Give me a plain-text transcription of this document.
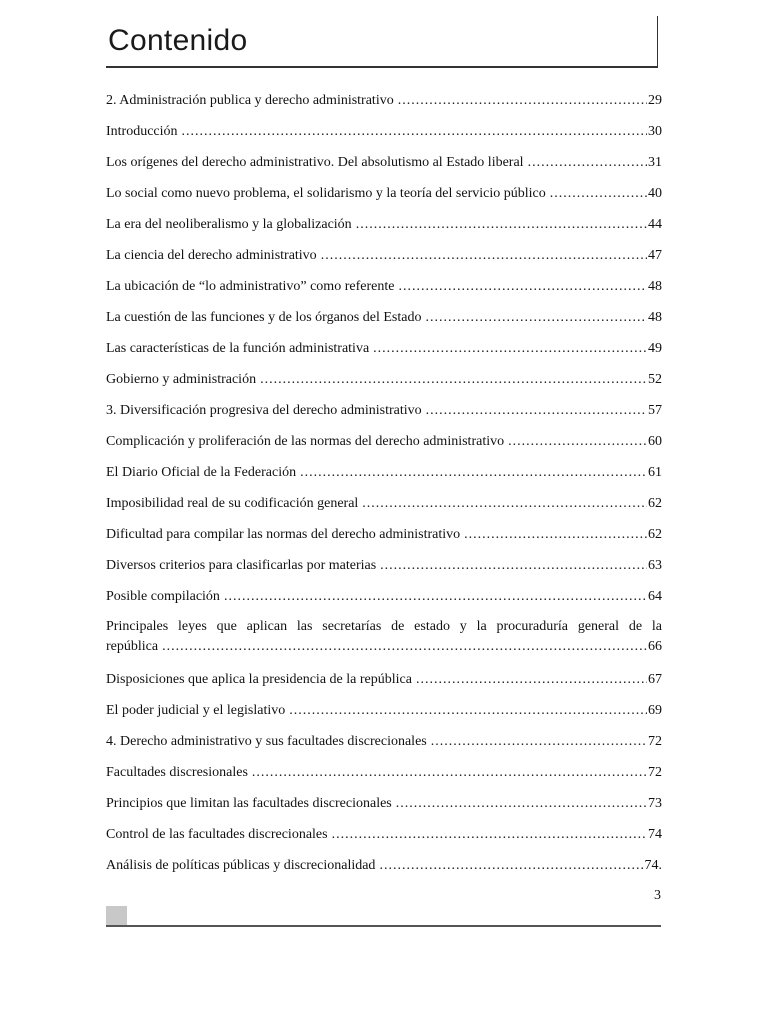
Contenido
2. Administración publica y derecho administrativo .....	29
Introducción .....	30
Los orígenes del derecho administrativo. Del absolutismo al Estado liberal .....	31
Lo social como nuevo problema, el solidarismo y la teoría del servicio público .....	40
La era del neoliberalismo y la globalización .....	44
La ciencia del derecho administrativo .....	47
La ubicación de “lo administrativo” como referente .....	48
La cuestión de las funciones y de los órganos del Estado .....	48
Las características de la función administrativa .....	49
Gobierno y administración .....	52
3. Diversificación progresiva del derecho administrativo .....	57
Complicación y proliferación de las normas del derecho administrativo .....	60
El Diario Oficial de la Federación .....	61
Imposibilidad real de su codificación general .....	62
Dificultad para compilar las normas del derecho administrativo .....	62
Diversos criterios para clasificarlas por materias .....	63
Posible compilación .....	64
Principales leyes que aplican las secretarías de estado y la procuraduría general de la
república .....	66
Disposiciones que aplica la presidencia de la república .....	67
El poder judicial y el legislativo .....	69
4. Derecho administrativo y sus facultades discrecionales .....	72
Facultades discresionales .....	72
Principios que limitan las facultades discrecionales .....	73
Control de las facultades discrecionales .....	74
Análisis de políticas públicas y discrecionalidad .....	74.
3
